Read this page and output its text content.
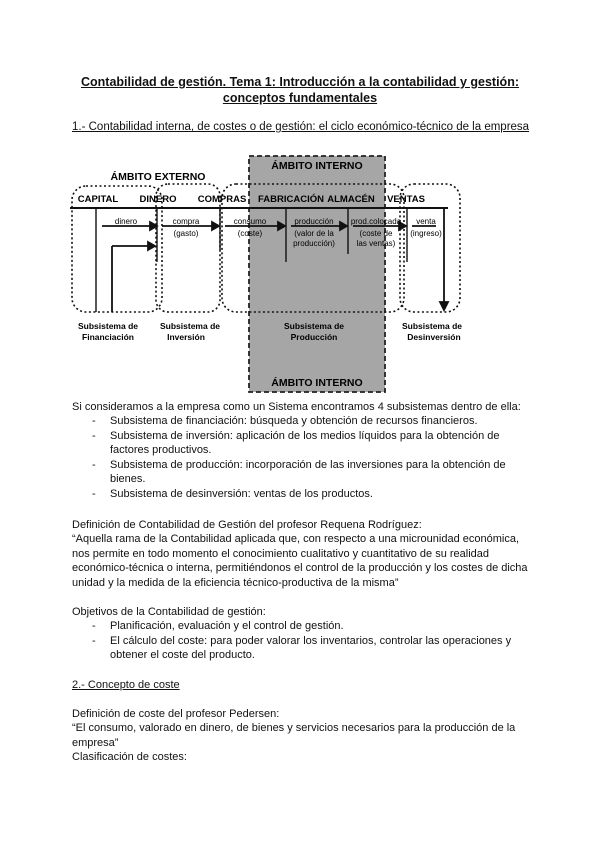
Contabilidad de gestión. Tema 1: Introducción a la contabilidad y gestión:
conceptos fundamentales
1.- Contabilidad interna, de costes o de gestión: el ciclo económico-técnico de la empresa
ÁMBITO INTERNO
ÁMBITO INTERNO
ÁMBITO EXTERNO
CAPITAL DINERO COMPRAS FABRICACIÓN ALMACÉN VENTAS
dinero	compra
(gasto)
consumo
(coste)
producción
(valor de la
producción)
prod.colocada
(coste de
las ventas)
venta
(ingreso)
Subsistema de
Financiación
Subsistema de
Inversión
Subsistema de
Producción
Subsistema de
Desinversión
Si consideramos a la empresa como un Sistema encontramos 4 subsistemas dentro de ella:
- Subsistema de financiación: búsqueda y obtención de recursos financieros.
- Subsistema de inversión: aplicación de los medios líquidos para la obtención de factores productivos.
- Subsistema de producción: incorporación de las inversiones para la obtención de bienes.
- Subsistema de desinversión: ventas de los productos.
Definición de Contabilidad de Gestión del profesor Requena Rodríguez:
“Aquella rama de la Contabilidad aplicada que, con respecto a una microunidad económica, nos permite en todo momento el conocimiento cualitativo y cuantitativo de su realidad económico-técnica o interna, permitiéndonos el control de la producción y los costes de dicha unidad y la medida de la eficiencia técnico-productiva de la misma”
Objetivos de la Contabilidad de gestión:
- Planificación, evaluación y el control de gestión.
- El cálculo del coste: para poder valorar los inventarios, controlar las operaciones y obtener el coste del producto.
2.- Concepto de coste
Definición de coste del profesor Pedersen:
“El consumo, valorado en dinero, de bienes y servicios necesarios para la producción de la empresa”
Clasificación de costes:
